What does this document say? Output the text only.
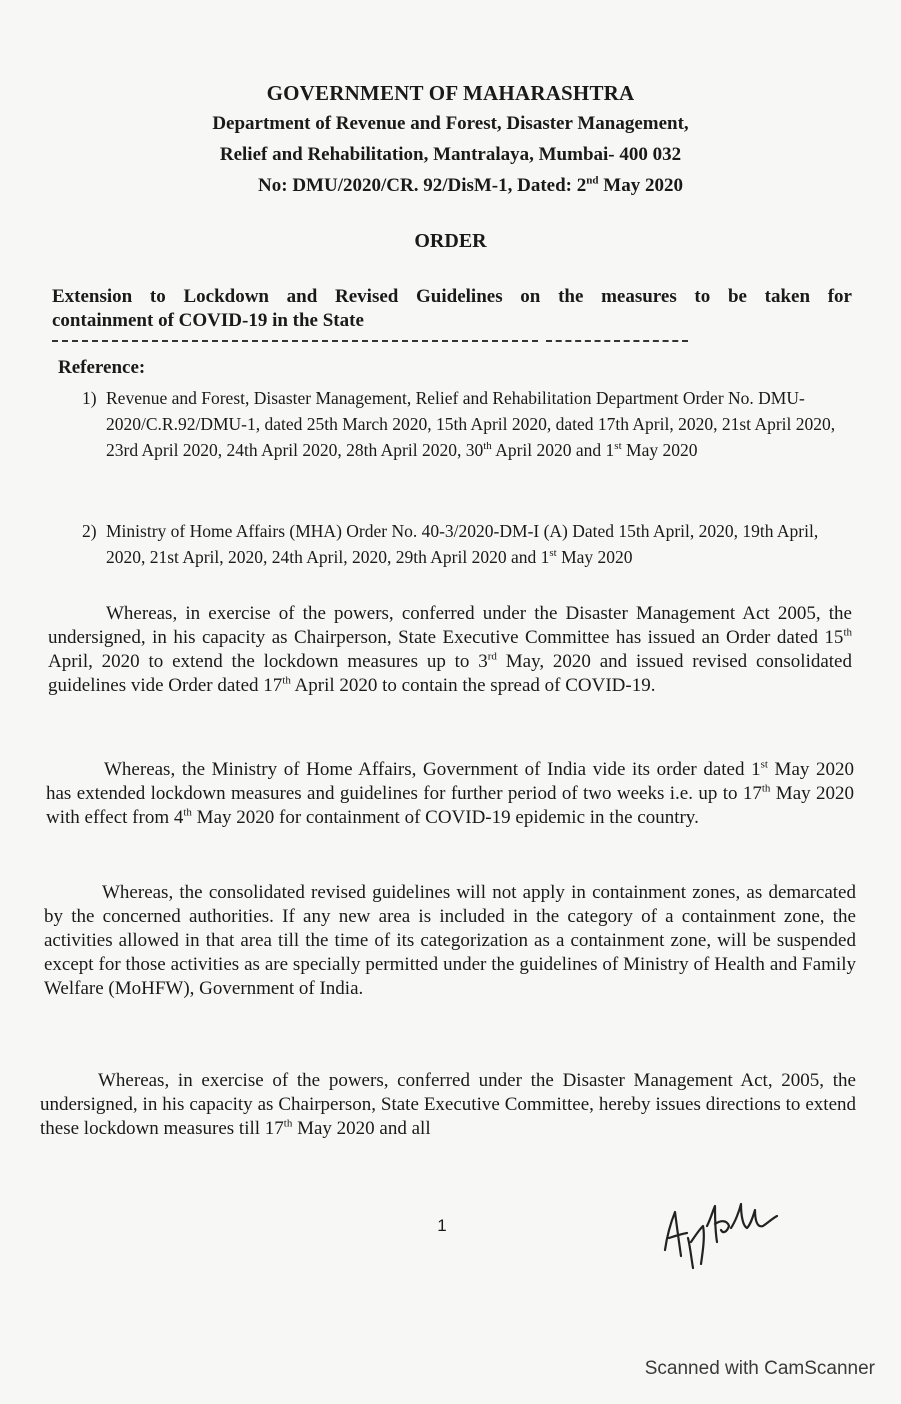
GOVERNMENT OF MAHARASHTRA
Department of Revenue and Forest, Disaster Management,
Relief and Rehabilitation, Mantralaya, Mumbai- 400 032
No: DMU/2020/CR. 92/DisM-1, Dated: 2nd May 2020
ORDER
Extension to Lockdown and Revised Guidelines on the measures to be taken for
containment of COVID-19 in the State
Reference:
1) Revenue and Forest, Disaster Management, Relief and Rehabilitation Department Order No. DMU-2020/C.R.92/DMU-1, dated 25th March 2020, 15th April 2020, dated 17th April, 2020, 21st April 2020, 23rd April 2020, 24th April 2020, 28th April 2020, 30th April 2020 and 1st May 2020
2) Ministry of Home Affairs (MHA) Order No. 40-3/2020-DM-I (A) Dated 15th April, 2020, 19th April, 2020, 21st April, 2020, 24th April, 2020, 29th April 2020 and 1st May 2020
Whereas, in exercise of the powers, conferred under the Disaster Management Act 2005, the undersigned, in his capacity as Chairperson, State Executive Committee has issued an Order dated 15th April, 2020 to extend the lockdown measures up to 3rd May, 2020 and issued revised consolidated guidelines vide Order dated 17th April 2020 to contain the spread of COVID-19.
Whereas, the Ministry of Home Affairs, Government of India vide its order dated 1st May 2020 has extended lockdown measures and guidelines for further period of two weeks i.e. up to 17th May 2020 with effect from 4th May 2020 for containment of COVID-19 epidemic in the country.
Whereas, the consolidated revised guidelines will not apply in containment zones, as demarcated by the concerned authorities. If any new area is included in the category of a containment zone, the activities allowed in that area till the time of its categorization as a containment zone, will be suspended except for those activities as are specially permitted under the guidelines of Ministry of Health and Family Welfare (MoHFW), Government of India.
Whereas, in exercise of the powers, conferred under the Disaster Management Act, 2005, the undersigned, in his capacity as Chairperson, State Executive Committee, hereby issues directions to extend these lockdown measures till 17th May 2020 and all
1
Scanned with CamScanner
